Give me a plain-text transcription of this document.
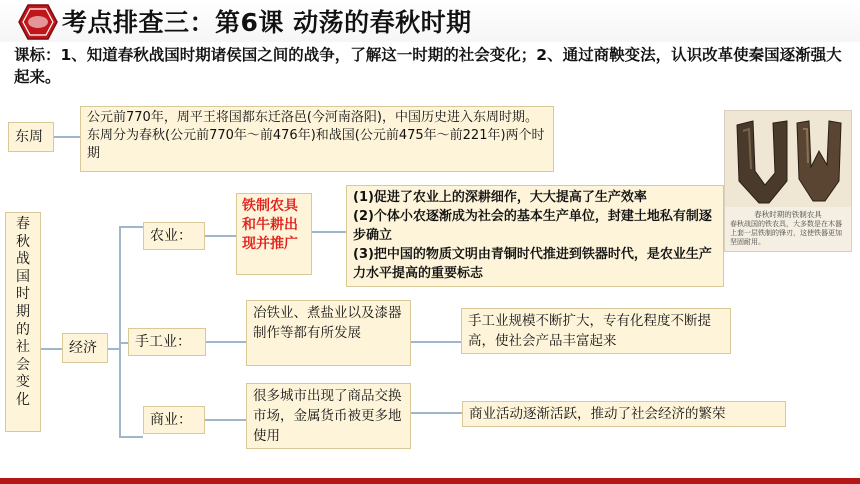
考点排查三：第6课 动荡的春秋时期
课标：1、知道春秋战国时期诸侯国之间的战争，了解这一时期的社会变化；2、通过商鞅变法，认识改革使秦国逐渐强大起来。
东周
公元前770年，周平王将国都东迁洛邑(今河南洛阳)，中国历史进入东周时期。东周分为春秋(公元前770年～前476年)和战国(公元前475年～前221年)两个时期
春秋战国时期的社会变化
经济
农业：
铁制农具和牛耕出现并推广
(1)促进了农业上的深耕细作，大大提高了生产效率
(2)个体小农逐渐成为社会的基本生产单位，封建土地私有制逐步确立
(3)把中国的物质文明由青铜时代推进到铁器时代，是农业生产力水平提高的重要标志
手工业：
冶铁业、煮盐业以及漆器制作等都有所发展
手工业规模不断扩大，专有化程度不断提高，使社会产品丰富起来
商业：
很多城市出现了商品交换市场，金属货币被更多地使用
商业活动逐渐活跃，推动了社会经济的繁荣
春秋时期的铁制农具
春秋战国的铁农具，大多数是在木器上套一层铁制的锋刃，这使铁器更加坚固耐用。
